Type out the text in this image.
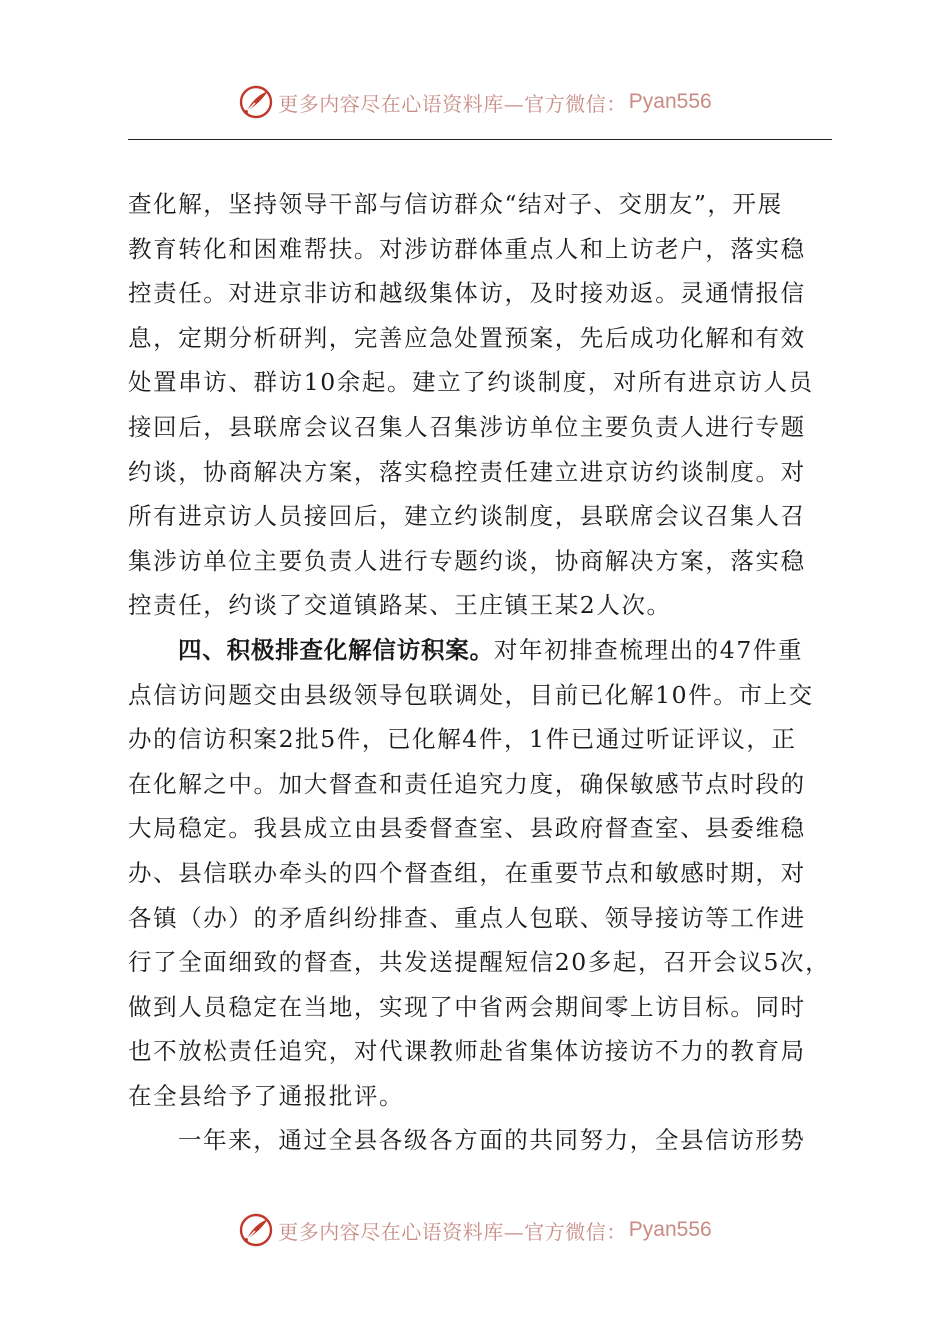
更多内容尽在心语资料库—官方微信： Pyan556
查化解，坚持领导干部与信访群众“结对子、交朋友”，开展
教育转化和困难帮扶。对涉访群体重点人和上访老户，落实稳
控责任。对进京非访和越级集体访，及时接劝返。灵通情报信
息，定期分析研判，完善应急处置预案，先后成功化解和有效
处置串访、群访10余起。建立了约谈制度，对所有进京访人员
接回后，县联席会议召集人召集涉访单位主要负责人进行专题
约谈，协商解决方案，落实稳控责任建立进京访约谈制度。对
所有进京访人员接回后，建立约谈制度，县联席会议召集人召
集涉访单位主要负责人进行专题约谈，协商解决方案，落实稳
控责任，约谈了交道镇路某、王庄镇王某2人次。
四、积极排查化解信访积案。对年初排查梳理出的47件重
点信访问题交由县级领导包联调处，目前已化解10件。市上交
办的信访积案2批5件，已化解4件，1件已通过听证评议，正
在化解之中。加大督查和责任追究力度，确保敏感节点时段的
大局稳定。我县成立由县委督查室、县政府督查室、县委维稳
办、县信联办牵头的四个督查组，在重要节点和敏感时期，对
各镇（办）的矛盾纠纷排查、重点人包联、领导接访等工作进
行了全面细致的督查，共发送提醒短信20多起，召开会议5次，
做到人员稳定在当地，实现了中省两会期间零上访目标。同时
也不放松责任追究，对代课教师赴省集体访接访不力的教育局
在全县给予了通报批评。
一年来，通过全县各级各方面的共同努力，全县信访形势
更多内容尽在心语资料库—官方微信： Pyan556
